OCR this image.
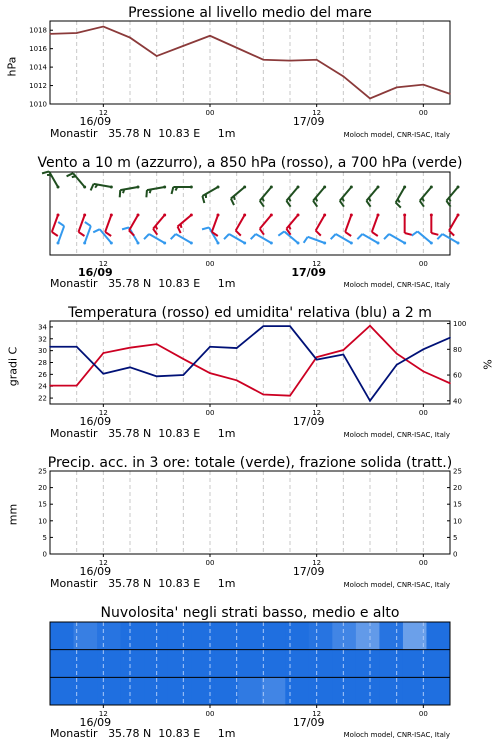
Pressione al livello medio del mare
hPa
1010
1012
1014
1016
1018
12	00	12	00
16/09	17/09
Monastir 35.78 N 10.83 E 1m	Moloch model, CNR-ISAC, Italy
Vento a 10 m (azzurro), a 850 hPa (rosso), a 700 hPa (verde)
12	00	12	00
16/09	17/09
Monastir 35.78 N 10.83 E 1m	Moloch model, CNR-ISAC, Italy
Temperatura (rosso) ed umidita' relativa (blu) a 2 m
gradi C	%
22
24
26
28
30
32
34
40
60
80
100
12	00	12	00
16/09	17/09
Monastir 35.78 N 10.83 E 1m	Moloch model, CNR-ISAC, Italy
Precip. acc. in 3 ore: totale (verde), frazione solida (tratt.)
mm
0
5
10
15
20
25
0
5
10
15
20
25
12	00	12	00
16/09	17/09
Monastir 35.78 N 10.83 E 1m	Moloch model, CNR-ISAC, Italy
Nuvolosita' negli strati basso, medio e alto
12	00	12	00
16/09	17/09
Monastir 35.78 N 10.83 E 1m	Moloch model, CNR-ISAC, Italy
